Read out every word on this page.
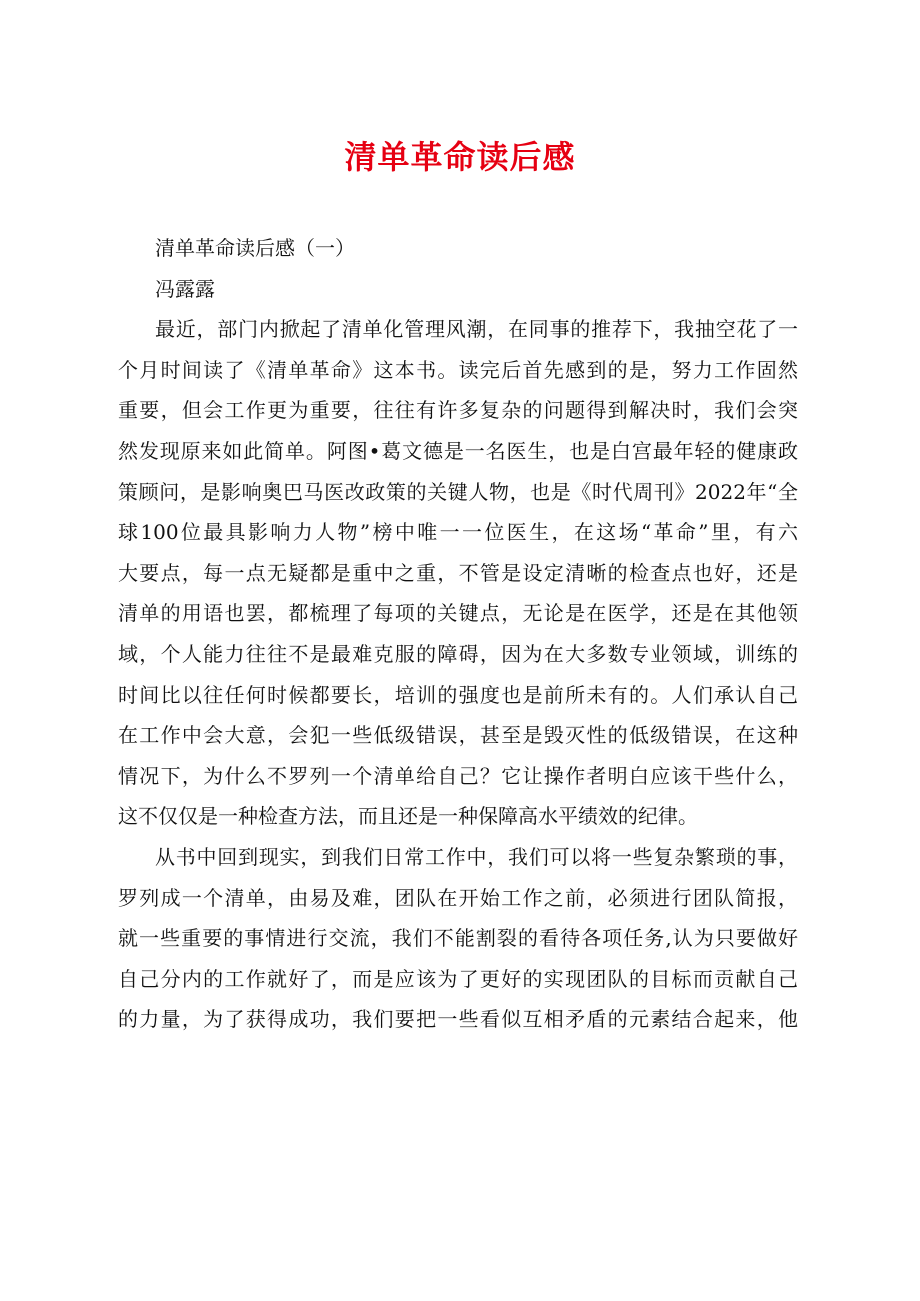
清单革命读后感
清单革命读后感（一）
冯露露
最近，部门内掀起了清单化管理风潮，在同事的推荐下，我抽空花了一
个月时间读了《清单革命》这本书。读完后首先感到的是，努力工作固然
重要，但会工作更为重要，往往有许多复杂的问题得到解决时，我们会突
然发现原来如此简单。阿图•葛文德是一名医生，也是白宫最年轻的健康政
策顾问，是影响奥巴马医改政策的关键人物，也是《时代周刊》2022年“全
球100位最具影响力人物”榜中唯一一位医生，在这场“革命”里，有六
大要点，每一点无疑都是重中之重，不管是设定清晰的检查点也好，还是
清单的用语也罢，都梳理了每项的关键点，无论是在医学，还是在其他领
域，个人能力往往不是最难克服的障碍，因为在大多数专业领域，训练的
时间比以往任何时候都要长，培训的强度也是前所未有的。人们承认自己
在工作中会大意，会犯一些低级错误，甚至是毁灭性的低级错误，在这种
情况下，为什么不罗列一个清单给自己？它让操作者明白应该干些什么，
这不仅仅是一种检查方法，而且还是一种保障高水平绩效的纪律。
从书中回到现实，到我们日常工作中，我们可以将一些复杂繁琐的事，
罗列成一个清单，由易及难，团队在开始工作之前，必须进行团队简报，
就一些重要的事情进行交流，我们不能割裂的看待各项任务,认为只要做好
自己分内的工作就好了，而是应该为了更好的实现团队的目标而贡献自己
的力量，为了获得成功，我们要把一些看似互相矛盾的元素结合起来，他
